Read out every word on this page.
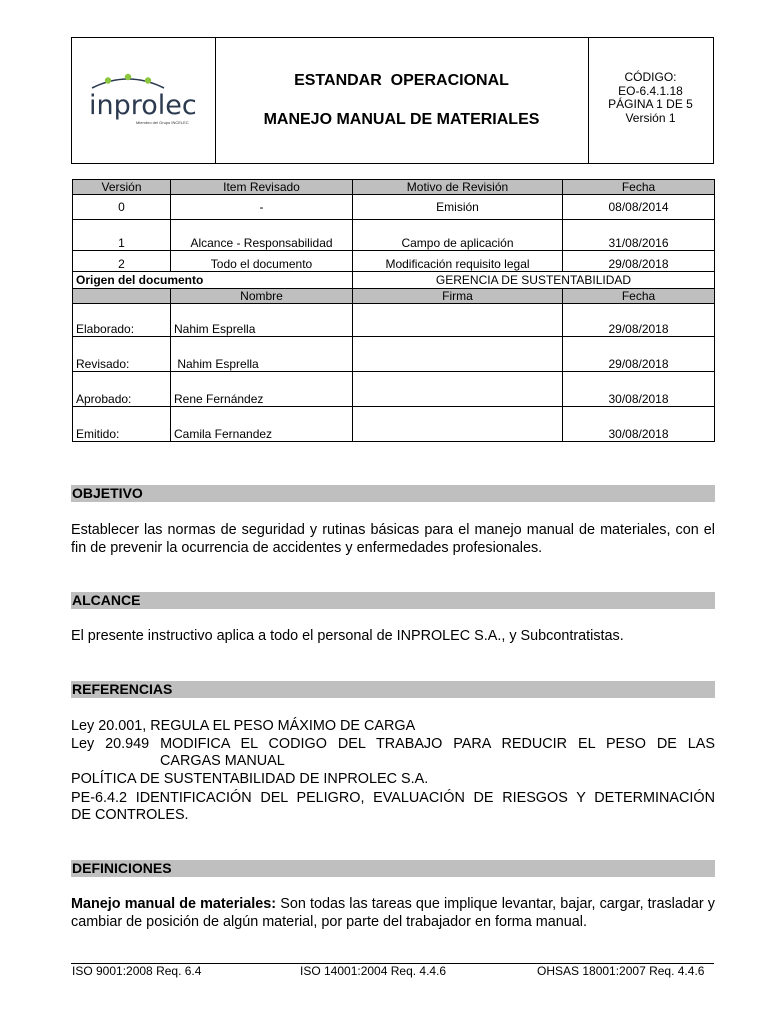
inprolec
Miembro del Grupo INCELEC
ESTANDAR  OPERACIONAL
MANEJO MANUAL DE MATERIALES
CÓDIGO:
EO-6.4.1.18
PÁGINA 1 DE 5
Versión 1
Versión	Item Revisado	Motivo de Revisión	Fecha
0	-	Emisión	08/08/2014
1	Alcance - Responsabilidad	Campo de aplicación	31/08/2016
2	Todo el documento	Modificación requisito legal	29/08/2018
Origen del documento		GERENCIA DE SUSTENTABILIDAD	
	Nombre	Firma	Fecha
Elaborado:	Nahim Esprella		29/08/2018
Revisado:	Nahim Esprella		29/08/2018
Aprobado:	Rene Fernández		30/08/2018
Emitido:	Camila Fernandez		30/08/2018
OBJETIVO
Establecer las normas de seguridad y rutinas básicas para el manejo manual de materiales, con el fin de prevenir la ocurrencia de accidentes y enfermedades profesionales.
ALCANCE
El presente instructivo aplica a todo el personal de INPROLEC S.A., y Subcontratistas.
REFERENCIAS
Ley 20.001, REGULA EL PESO MÁXIMO DE CARGA
Ley 20.949 MODIFICA EL CODIGO DEL TRABAJO PARA REDUCIR EL PESO DE LAS
CARGAS MANUAL
POLÍTICA DE SUSTENTABILIDAD DE INPROLEC S.A.
PE-6.4.2 IDENTIFICACIÓN DEL PELIGRO, EVALUACIÓN DE RIESGOS Y DETERMINACIÓN
DE CONTROLES.
DEFINICIONES
Manejo manual de materiales: Son todas las tareas que implique levantar, bajar, cargar, trasladar y cambiar de posición de algún material, por parte del trabajador en forma manual.
ISO 9001:2008 Req. 6.4	ISO 14001:2004 Req. 4.4.6	OHSAS 18001:2007 Req. 4.4.6
